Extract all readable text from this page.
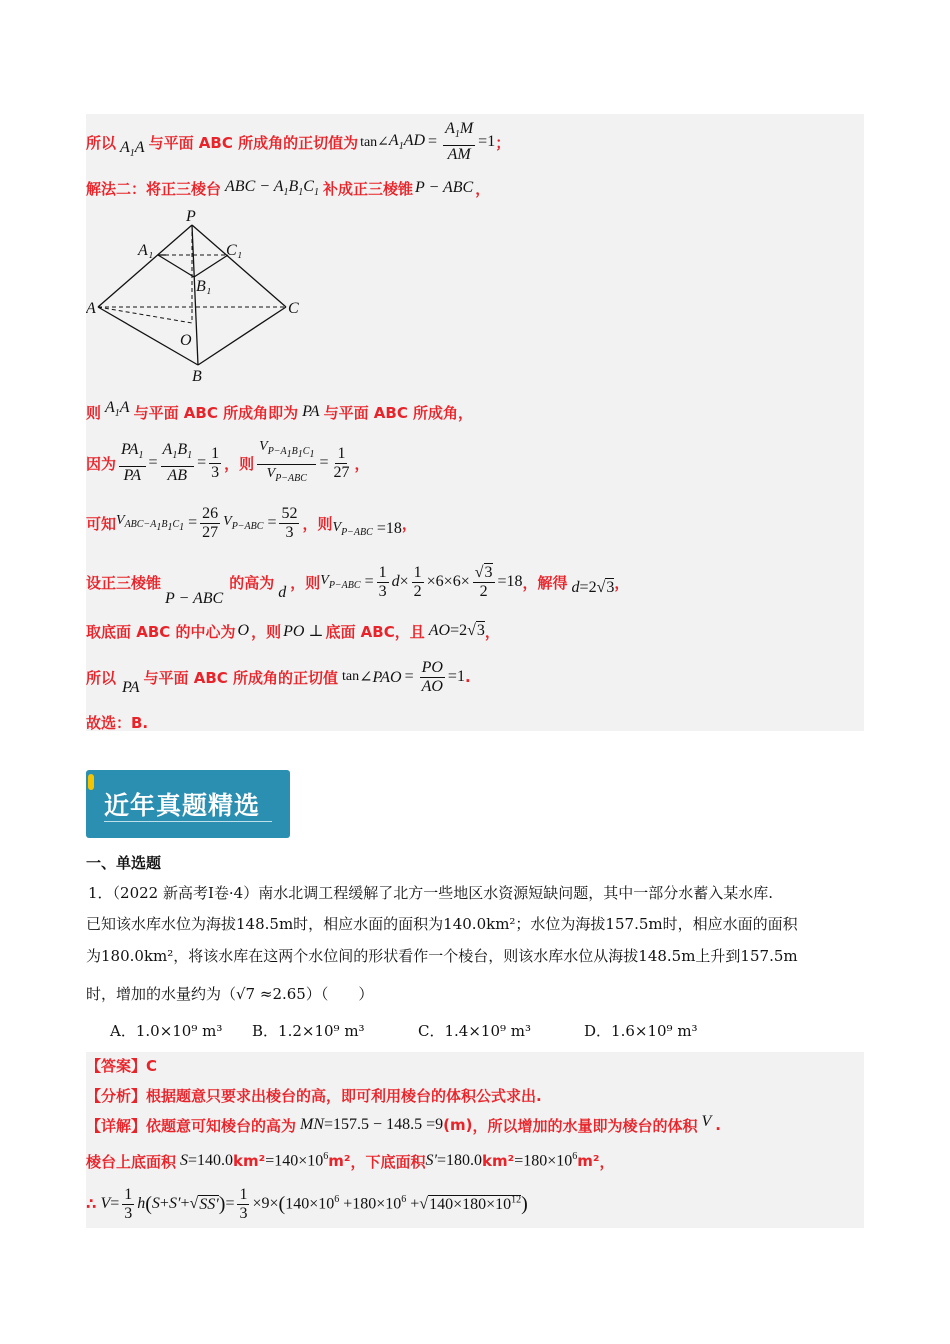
所以 $A_1A$ 与平面 ABC 所成角的正切值为 tan∠ $A_1AD = \frac{A_1M}{AM} =1$ ；
解法二：将正三棱台 ABC − $A_1B_1C_1$ 补成正三棱锥 P − ABC ，
P
A₁	C₁
B₁
A	C
O
B
则 $A_1A$ 与平面 ABC 所成角即为 PA 与平面 ABC 所成角，
因为 $\frac{PA_1}{PA} = \frac{A_1B_1}{AB} = \frac{1}{3}$ ，则 $\frac{V_{P-A_1B_1C_1}}{V_{P-ABC}} = \frac{1}{27}$ ，
可知 $V_{ABC-A_1B_1C_1} = \frac{26}{27} V_{P-ABC} = \frac{52}{3}$ ，则 $V_{P-ABC} =18$ ，
设正三棱锥
P − ABC
的高为
d
，则 $V_{P-ABC} = \frac{1}{3}$ $d \times \frac{1}{2} \times 6\times 6\times \frac{√3}{2} =18$ ，解得 d =2√3 ，
取底面 ABC 的中心为 O ，则 PO ⊥ 底面 ABC，且 AO =2√3 ，
所以
PA
与平面 ABC 所成角的正切值 tan ∠PAO = $\frac{PO}{AO} =1$ .
故选：B.
近年真题精选
一、单选题
1．（2022 新高考Ⅰ卷·4）南水北调工程缓解了北方一些地区水资源短缺问题，其中一部分水蓄入某水库.
已知该水库水位为海拔148.5m时，相应水面的面积为140.0km²；水位为海拔157.5m时，相应水面的面积
为180.0km²，将该水库在这两个水位间的形状看作一个棱台，则该水库水位从海拔148.5m上升到157.5m
时，增加的水量约为（√7 ≈2.65）（　　）
A．1.0×10⁹ m³ B．1.2×10⁹ m³	C．1.4×10⁹ m³	D．1.6×10⁹ m³
【答案】C
【分析】根据题意只要求出棱台的高，即可利用棱台的体积公式求出.
【详解】依题意可知棱台的高为 MN =157.5 − 148.5 =9 (m) ，所以增加的水量即为棱台的体积 V .
棱台上底面积 S =140.0 $km^2 =140\times 10^6$ m² ，下底面积 S′ =180.0 $km^2 =180\times 10^6$ m² ，
∴ $V = \frac{1}{3}$ h ( S + S′ +√ SS′ ) = $\frac{1}{3} \times 9\times$ ( $140\times 10^6 +180\times 10^6 +√140\times 180\times 10^{12}$ )
